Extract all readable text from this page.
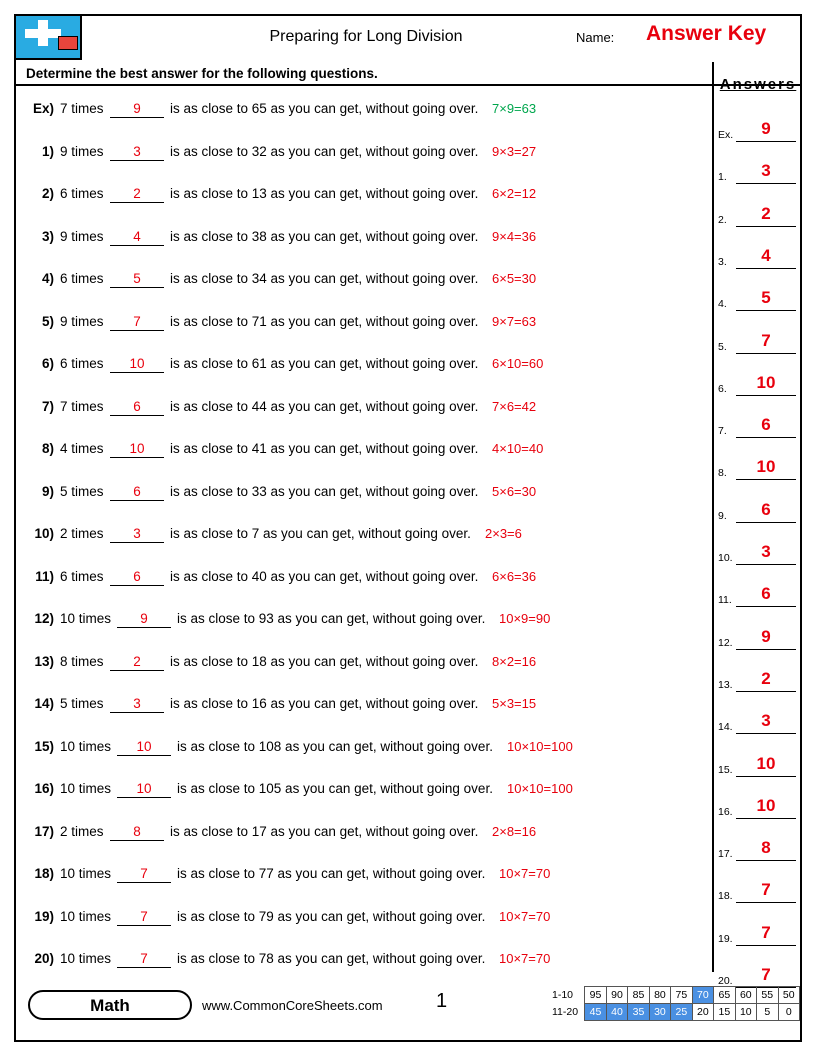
Preparing for Long Division	Name: Answer Key
Determine the best answer for the following questions.
Ex) 7 times	9	is as close to 65 as you can get, without going over. 7×9=63
1) 9 times	3	is as close to 32 as you can get, without going over. 9×3=27
2) 6 times	2	is as close to 13 as you can get, without going over. 6×2=12
3) 9 times	4	is as close to 38 as you can get, without going over. 9×4=36
4) 6 times	5	is as close to 34 as you can get, without going over. 6×5=30
5) 9 times	7	is as close to 71 as you can get, without going over. 9×7=63
6) 6 times	10	is as close to 61 as you can get, without going over. 6×10=60
7) 7 times	6	is as close to 44 as you can get, without going over. 7×6=42
8) 4 times	10	is as close to 41 as you can get, without going over. 4×10=40
9) 5 times	6	is as close to 33 as you can get, without going over. 5×6=30
10) 2 times	3	is as close to 7 as you can get, without going over. 2×3=6
11) 6 times	6	is as close to 40 as you can get, without going over. 6×6=36
12) 10 times	9	is as close to 93 as you can get, without going over. 10×9=90
13) 8 times	2	is as close to 18 as you can get, without going over. 8×2=16
14) 5 times	3	is as close to 16 as you can get, without going over. 5×3=15
15) 10 times	10	is as close to 108 as you can get, without going over. 10×10=100
16) 10 times	10	is as close to 105 as you can get, without going over. 10×10=100
17) 2 times	8	is as close to 17 as you can get, without going over. 2×8=16
18) 10 times	7	is as close to 77 as you can get, without going over. 10×7=70
19) 10 times	7	is as close to 79 as you can get, without going over. 10×7=70
20) 10 times	7	is as close to 78 as you can get, without going over. 10×7=70
Answers
Ex.	9
1.	3
2.	2
3.	4
4.	5
5.	7
6.	10
7.	6
8.	10
9.	6
10.	3
11.	6
12.	9
13.	2
14.	3
15.	10
16.	10
17.	8
18.	7
19.	7
20.	7
Math	www.CommonCoreSheets.com	1	1-10	95	90	85	80	75	70	65	60	55	50
11-20	45	40	35	30	25	20	15	10	5	0
